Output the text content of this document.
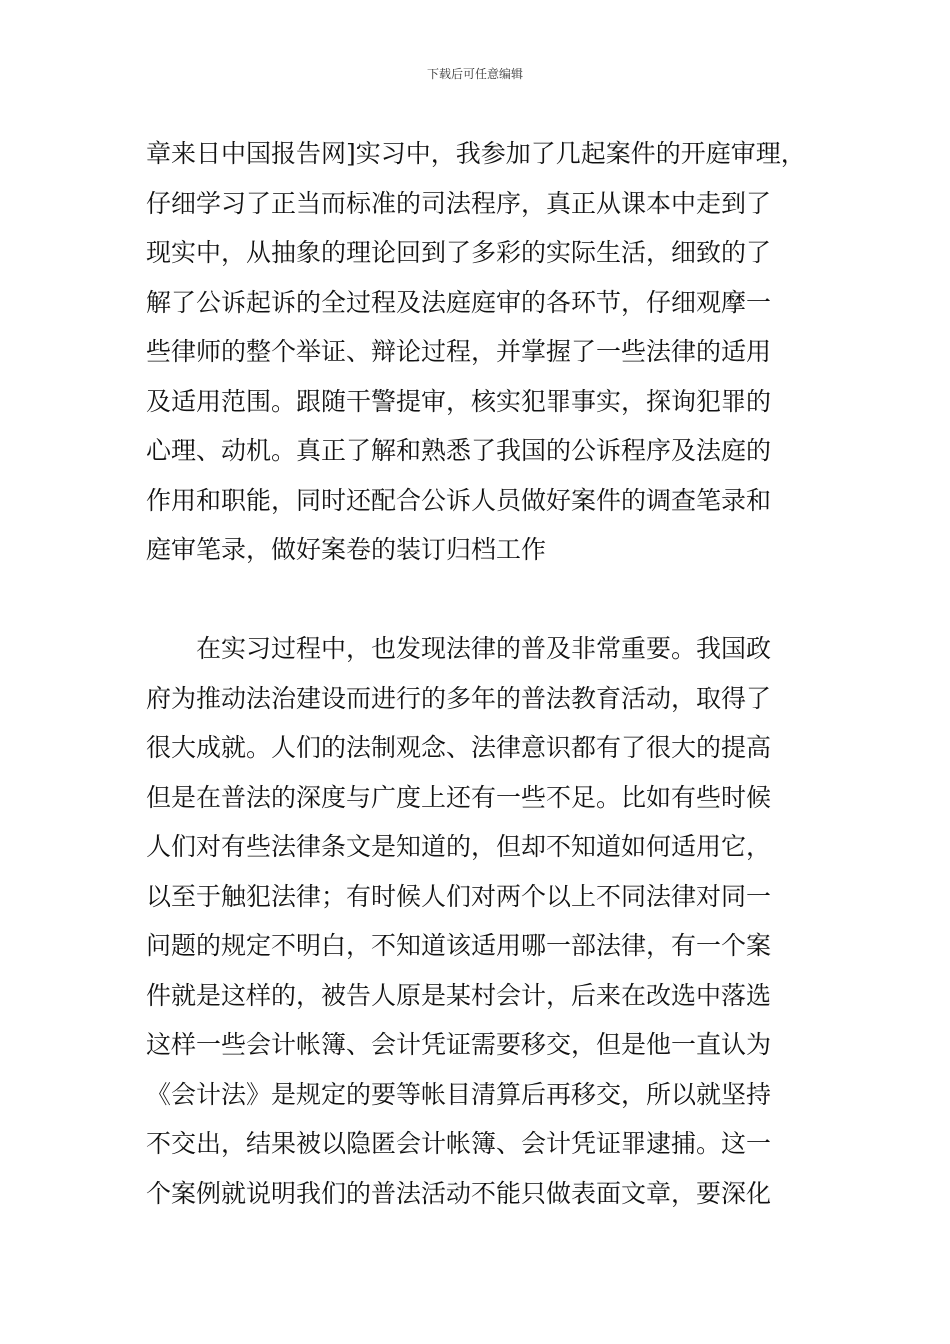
下载后可任意编辑
章来日中国报告网]实习中，我参加了几起案件的开庭审理，
仔细学习了正当而标准的司法程序，真正从课本中走到了
现实中，从抽象的理论回到了多彩的实际生活，细致的了
解了公诉起诉的全过程及法庭庭审的各环节，仔细观摩一
些律师的整个举证、辩论过程，并掌握了一些法律的适用
及适用范围。跟随干警提审，核实犯罪事实，探询犯罪的
心理、动机。真正了解和熟悉了我国的公诉程序及法庭的
作用和职能，同时还配合公诉人员做好案件的调查笔录和
庭审笔录，做好案卷的装订归档工作
　　在实习过程中，也发现法律的普及非常重要。我国政
府为推动法治建设而进行的多年的普法教育活动，取得了
很大成就。人们的法制观念、法律意识都有了很大的提高
但是在普法的深度与广度上还有一些不足。比如有些时候
人们对有些法律条文是知道的，但却不知道如何适用它，
以至于触犯法律；有时候人们对两个以上不同法律对同一
问题的规定不明白，不知道该适用哪一部法律，有一个案
件就是这样的，被告人原是某村会计，后来在改选中落选
这样一些会计帐簿、会计凭证需要移交，但是他一直认为
《会计法》是规定的要等帐目清算后再移交，所以就坚持
不交出，结果被以隐匿会计帐簿、会计凭证罪逮捕。这一
个案例就说明我们的普法活动不能只做表面文章，要深化
